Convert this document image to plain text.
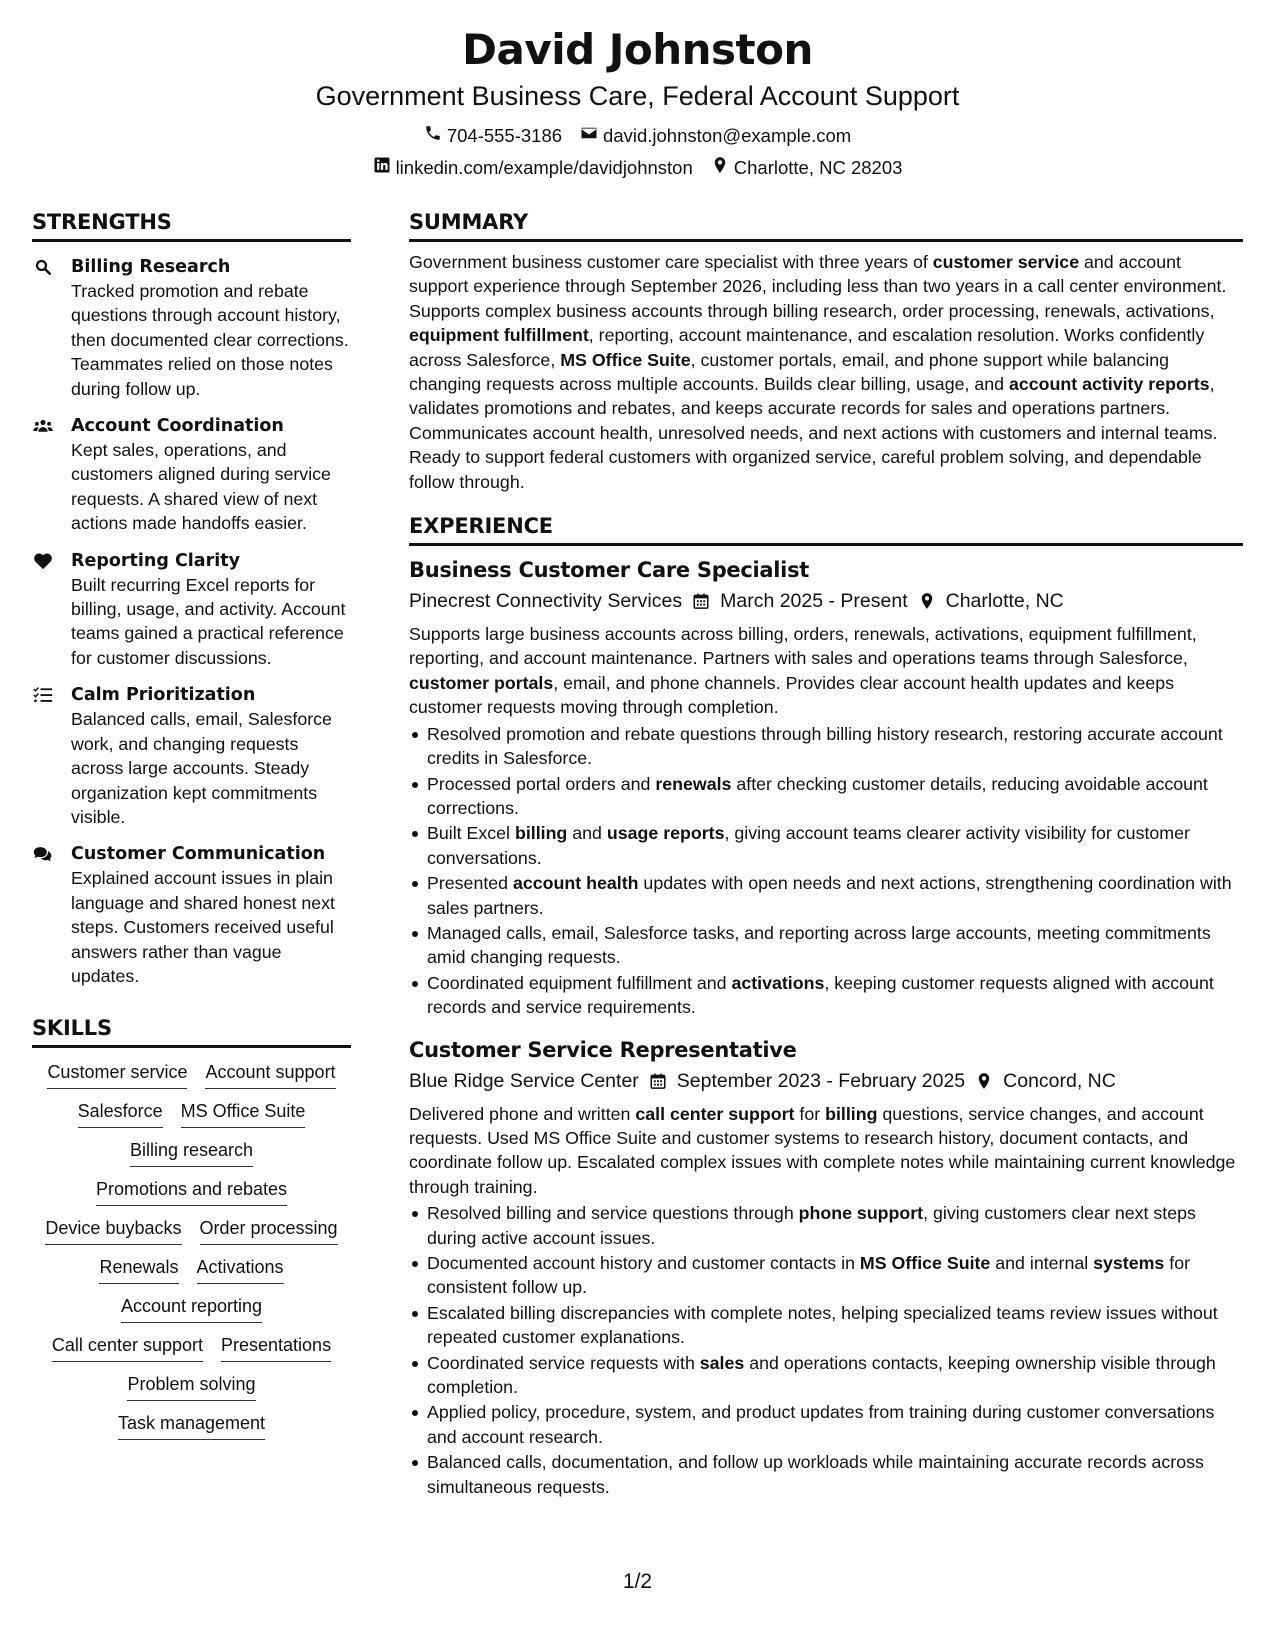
David Johnston
Government Business Care, Federal Account Support
704-555-3186 david.johnston@example.com
linkedin.com/example/davidjohnston Charlotte, NC 28203
STRENGTHS
Billing Research
Tracked promotion and rebate questions through account history, then documented clear corrections. Teammates relied on those notes during follow up.
Account Coordination
Kept sales, operations, and customers aligned during service requests. A shared view of next actions made handoffs easier.
Reporting Clarity
Built recurring Excel reports for billing, usage, and activity. Account teams gained a practical reference for customer discussions.
Calm Prioritization
Balanced calls, email, Salesforce work, and changing requests across large accounts. Steady organization kept commitments visible.
Customer Communication
Explained account issues in plain language and shared honest next steps. Customers received useful answers rather than vague updates.
SKILLS
Customer service Account support
Salesforce MS Office Suite
Billing research
Promotions and rebates
Device buybacks Order processing
Renewals Activations
Account reporting
Call center support Presentations
Problem solving
Task management
SUMMARY
Government business customer care specialist with three years of customer service and account support experience through September 2026, including less than two years in a call center environment. Supports complex business accounts through billing research, order processing, renewals, activations, equipment fulfillment, reporting, account maintenance, and escalation resolution. Works confidently across Salesforce, MS Office Suite, customer portals, email, and phone support while balancing changing requests across multiple accounts. Builds clear billing, usage, and account activity reports, validates promotions and rebates, and keeps accurate records for sales and operations partners. Communicates account health, unresolved needs, and next actions with customers and internal teams. Ready to support federal customers with organized service, careful problem solving, and dependable follow through.
EXPERIENCE
Business Customer Care Specialist
Pinecrest Connectivity Services March 2025 - Present Charlotte, NC
Supports large business accounts across billing, orders, renewals, activations, equipment fulfillment, reporting, and account maintenance. Partners with sales and operations teams through Salesforce, customer portals, email, and phone channels. Provides clear account health updates and keeps customer requests moving through completion.
Resolved promotion and rebate questions through billing history research, restoring accurate account credits in Salesforce.
Processed portal orders and renewals after checking customer details, reducing avoidable account corrections.
Built Excel billing and usage reports, giving account teams clearer activity visibility for customer conversations.
Presented account health updates with open needs and next actions, strengthening coordination with sales partners.
Managed calls, email, Salesforce tasks, and reporting across large accounts, meeting commitments amid changing requests.
Coordinated equipment fulfillment and activations, keeping customer requests aligned with account records and service requirements.
Customer Service Representative
Blue Ridge Service Center September 2023 - February 2025 Concord, NC
Delivered phone and written call center support for billing questions, service changes, and account requests. Used MS Office Suite and customer systems to research history, document contacts, and coordinate follow up. Escalated complex issues with complete notes while maintaining current knowledge through training.
Resolved billing and service questions through phone support, giving customers clear next steps during active account issues.
Documented account history and customer contacts in MS Office Suite and internal systems for consistent follow up.
Escalated billing discrepancies with complete notes, helping specialized teams review issues without repeated customer explanations.
Coordinated service requests with sales and operations contacts, keeping ownership visible through completion.
Applied policy, procedure, system, and product updates from training during customer conversations and account research.
Balanced calls, documentation, and follow up workloads while maintaining accurate records across simultaneous requests.
1/2
